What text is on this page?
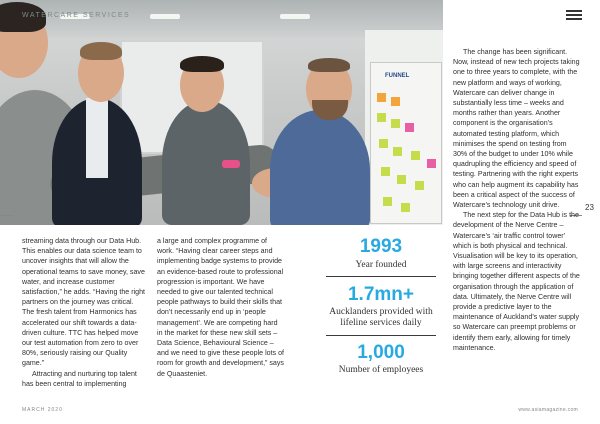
FUNNEL
WATERCARE SERVICES
23

streaming data through our Data Hub. This enables our data science team to uncover insights that will allow the operational teams to save money, save water, and increase customer satisfaction,” he adds. “Having the right partners on the journey was critical. The fresh talent from Harmonics has accelerated our shift towards a data-driven culture. TTC has helped move our test automation from zero to over 80%, seriously raising our Quality game.”

Attracting and nurturing top talent has been central to implementing

a large and complex programme of work. “Having clear career steps and implementing badge systems to provide an evidence-based route to professional progression is important. We have needed to give our talented technical people pathways to build their skills that don’t necessarily end up in ‘people management’. We are competing hard in the market for these new skill sets – Data Science, Behavioural Science – and we need to give these people lots of room for growth and development,” says de Quaasteniet.

The change has been significant. Now, instead of new tech projects taking one to three years to complete, with the new platform and ways of working, Watercare can deliver change in substantially less time – weeks and months rather than years. Another component is the organisation’s automated testing platform, which minimises the spend on testing from 30% of the budget to under 10% while quadrupling the efficiency and speed of testing. Partnering with the right experts who can help augment its capability has been a critical aspect of the success of Watercare’s technology unit drive.

The next step for the Data Hub is the development of the Nerve Centre – Watercare’s ‘air traffic control tower’ which is both physical and technical. Visualisation will be key to its operation, with large screens and interactivity bringing together different aspects of the organisation through the application of data. Ultimately, the Nerve Centre will provide a predictive layer to the maintenance of Auckland’s water supply so Watercare can preempt problems or identify them early, allowing for timely maintenance.

1993
Year founded
1.7mn+
Aucklanders provided with lifeline services daily
1,000
Number of employees
MARCH 2020	www.asiamagazine.com
